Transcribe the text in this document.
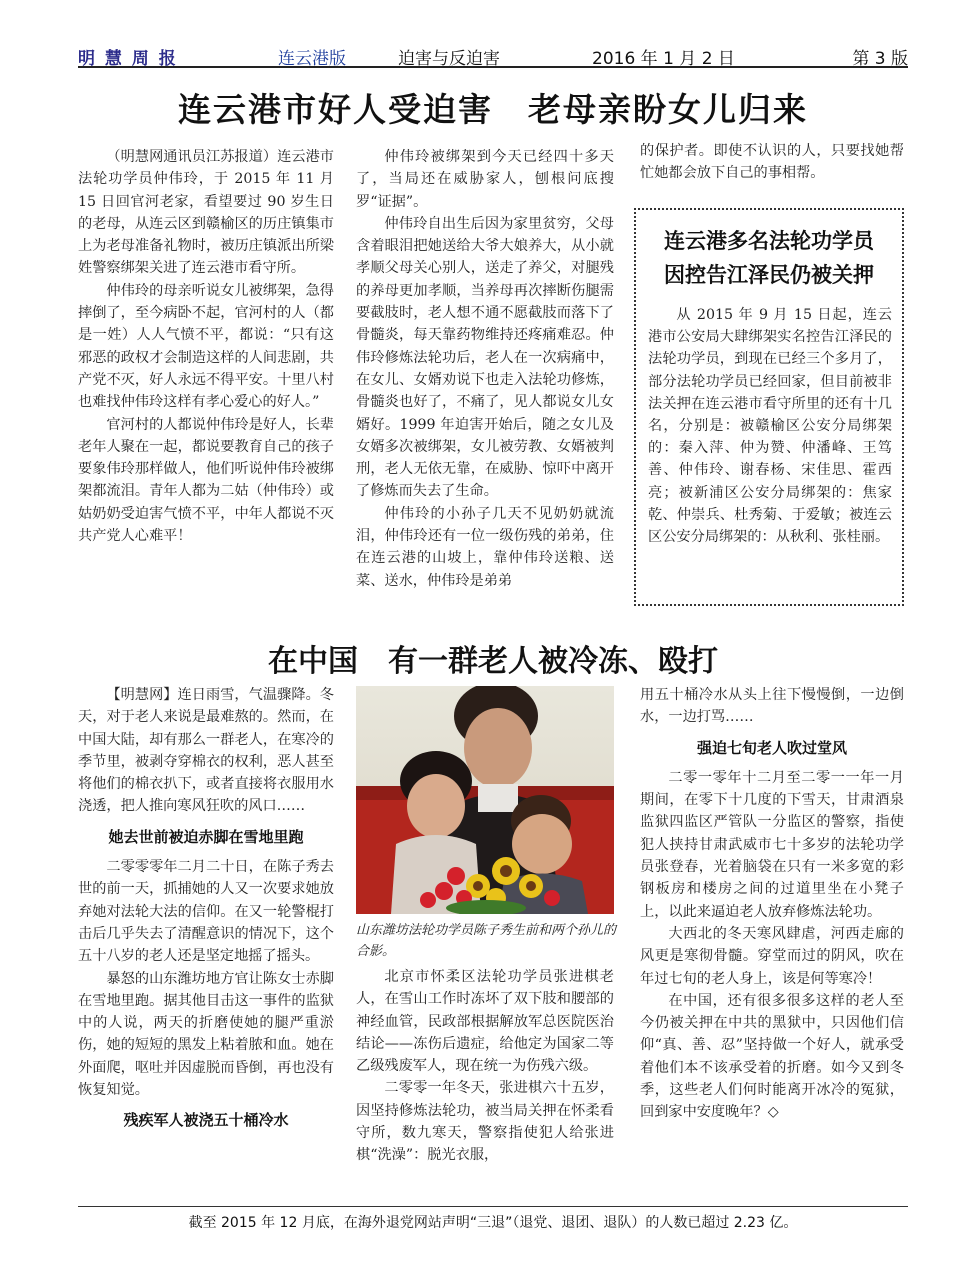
明 慧 周 报	连云港版	迫害与反迫害	2016 年 1 月 2 日	第 3 版
连云港市好人受迫害　老母亲盼女儿归来

（明慧网通讯员江苏报道）连云港市法轮功学员仲伟玲，于 2015 年 11 月 15 日回官河老家，看望要过 90 岁生日的老母，从连云区到赣榆区的历庄镇集市上为老母准备礼物时，被历庄镇派出所梁姓警察绑架关进了连云港市看守所。

仲伟玲的母亲听说女儿被绑架，急得摔倒了，至今病卧不起，官河村的人（都是一姓）人人气愤不平，都说：“只有这邪恶的政权才会制造这样的人间悲剧，共产党不灭，好人永远不得平安。十里八村也难找仲伟玲这样有孝心爱心的好人。”

官河村的人都说仲伟玲是好人，长辈老年人聚在一起，都说要教育自己的孩子要象伟玲那样做人，他们听说仲伟玲被绑架都流泪。青年人都为二姑（仲伟玲）或姑奶奶受迫害气愤不平，中年人都说不灭共产党人心难平！

仲伟玲被绑架到今天已经四十多天了，当局还在威胁家人，刨根问底搜罗“证据”。

仲伟玲自出生后因为家里贫穷，父母含着眼泪把她送给大爷大娘养大，从小就孝顺父母关心别人，送走了养父，对腿残的养母更加孝顺，当养母再次摔断伤腿需要截肢时，老人想不通不愿截肢而落下了骨髓炎，每天靠药物维持还疼痛难忍。仲伟玲修炼法轮功后，老人在一次病痛中，在女儿、女婿劝说下也走入法轮功修炼，骨髓炎也好了，不痛了，见人都说女儿女婿好。1999 年迫害开始后，随之女儿及女婿多次被绑架，女儿被劳教、女婿被判刑，老人无依无靠，在威胁、惊吓中离开了修炼而失去了生命。

仲伟玲的小孙子几天不见奶奶就流泪，仲伟玲还有一位一级伤残的弟弟，住在连云港的山坡上，靠仲伟玲送粮、送菜、送水，仲伟玲是弟弟

的保护者。即使不认识的人，只要找她帮忙她都会放下自己的事相帮。

连云港多名法轮功学员
因控告江泽民仍被关押

从 2015 年 9 月 15 日起，连云港市公安局大肆绑架实名控告江泽民的法轮功学员，到现在已经三个多月了，部分法轮功学员已经回家，但目前被非法关押在连云港市看守所里的还有十几名，分别是：被赣榆区公安分局绑架的：秦入萍、仲为赞、仲潘峰、王笃善、仲伟玲、谢春杨、宋佳思、霍西亮；被新浦区公安分局绑架的：焦家乾、仲崇兵、杜秀菊、于爱敏；被连云区公安分局绑架的：从秋利、张桂丽。

在中国　有一群老人被冷冻、殴打

【明慧网】连日雨雪，气温骤降。冬天，对于老人来说是最难熬的。然而，在中国大陆，却有那么一群老人，在寒冷的季节里，被剥夺穿棉衣的权利，恶人甚至将他们的棉衣扒下，或者直接将衣服用水浇透，把人推向寒风狂吹的风口……

她去世前被迫赤脚在雪地里跑

二零零零年二月二十日，在陈子秀去世的前一天，抓捕她的人又一次要求她放弃她对法轮大法的信仰。在又一轮警棍打击后几乎失去了清醒意识的情况下，这个五十八岁的老人还是坚定地摇了摇头。

暴怒的山东潍坊地方官让陈女士赤脚在雪地里跑。据其他目击这一事件的监狱中的人说，两天的折磨使她的腿严重淤伤，她的短短的黑发上粘着脓和血。她在外面爬，呕吐并因虚脱而昏倒，再也没有恢复知觉。

残疾军人被浇五十桶冷水
山东潍坊法轮功学员陈子秀生前和两个孙儿的合影。

北京市怀柔区法轮功学员张进棋老人，在雪山工作时冻坏了双下肢和腰部的神经血管，民政部根据解放军总医院医治结论——冻伤后遗症，给他定为国家二等乙级残废军人，现在统一为伤残六级。

二零零一年冬天，张进棋六十五岁，因坚持修炼法轮功，被当局关押在怀柔看守所，数九寒天，警察指使犯人给张进棋“洗澡”：脱光衣服，

用五十桶冷水从头上往下慢慢倒，一边倒水，一边打骂……

强迫七旬老人吹过堂风

二零一零年十二月至二零一一年一月期间，在零下十几度的下雪天，甘肃酒泉监狱四监区严管队一分监区的警察，指使犯人挟持甘肃武威市七十多岁的法轮功学员张登春，光着脑袋在只有一米多宽的彩钢板房和楼房之间的过道里坐在小凳子上，以此来逼迫老人放弃修炼法轮功。

大西北的冬天寒风肆虐，河西走廊的风更是寒彻骨髓。穿堂而过的阴风，吹在年过七旬的老人身上，该是何等寒冷！

在中国，还有很多很多这样的老人至今仍被关押在中共的黑狱中，只因他们信仰“真、善、忍”坚持做一个好人，就承受着他们本不该承受着的折磨。如今又到冬季，这些老人们何时能离开冰冷的冤狱，回到家中安度晚年？◇

截至 2015 年 12 月底，在海外退党网站声明“三退”（退党、退团、退队）的人数已超过 2.23 亿。
